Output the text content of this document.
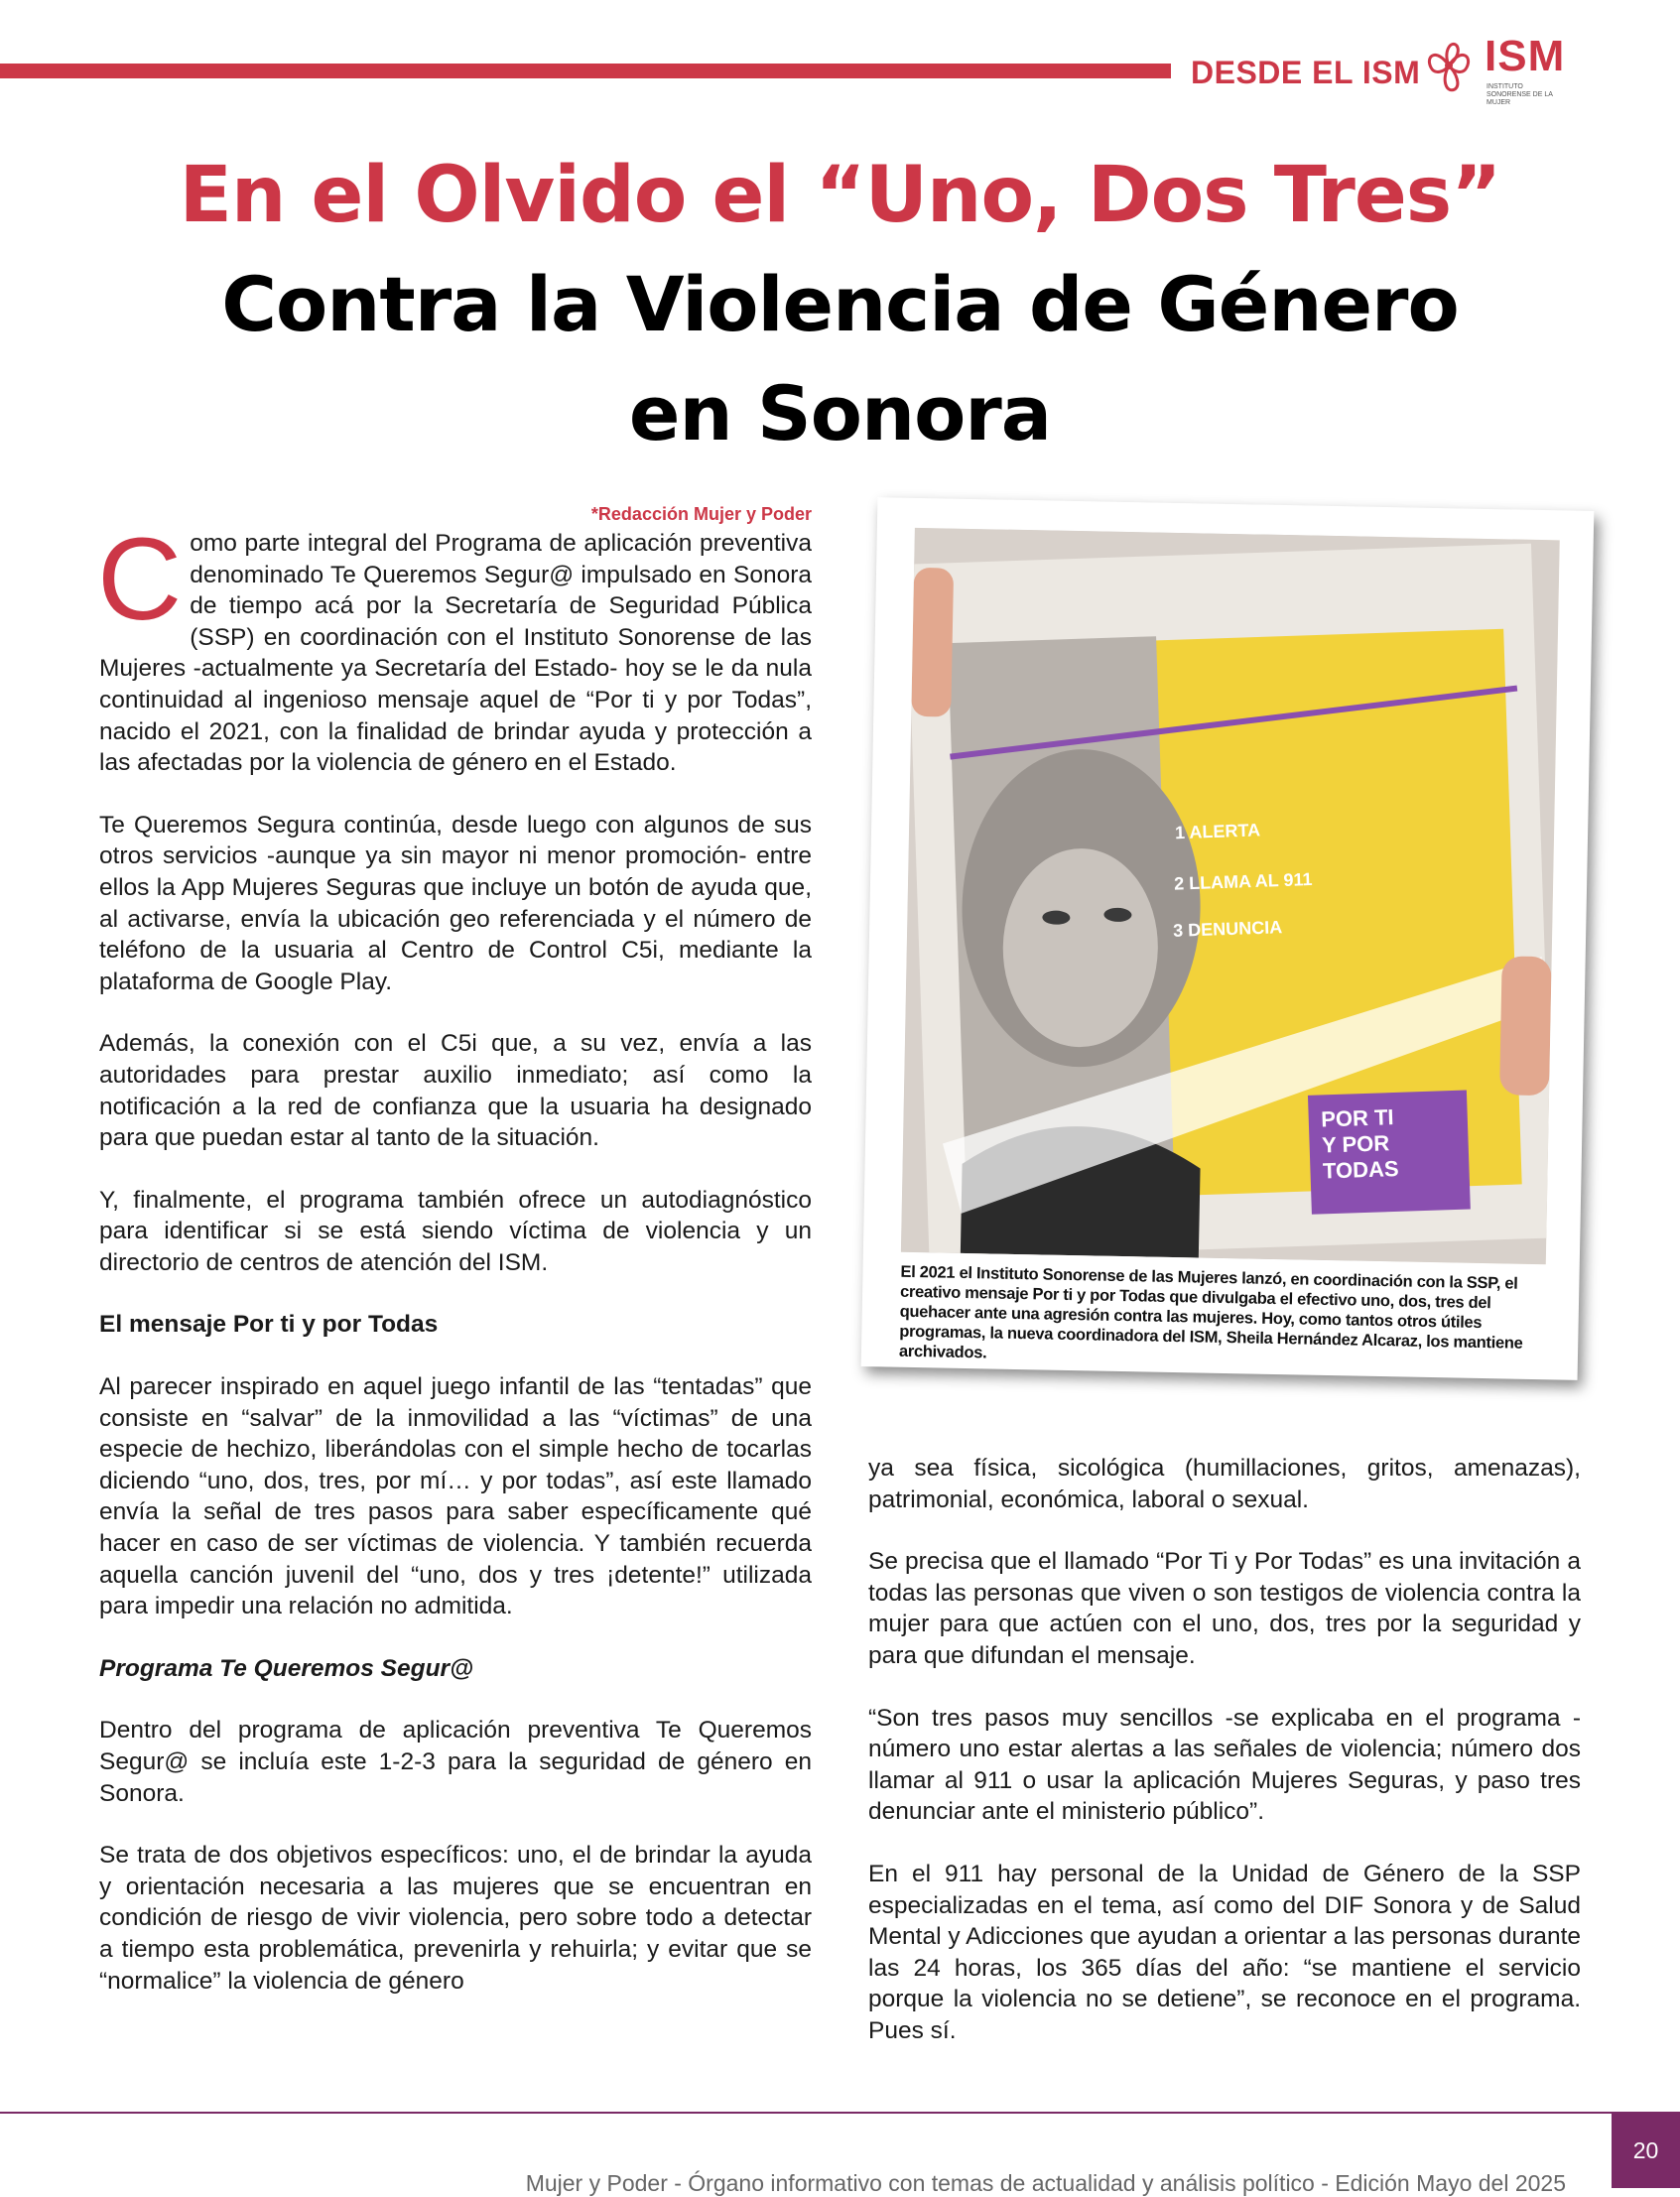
DESDE EL ISM ISM
INSTITUTO SONORENSE DE LA MUJER
En el Olvido el “Uno, Dos Tres”
Contra la Violencia de Género
en Sonora
*Redacción Mujer y Poder

Como parte integral del Programa de aplicación preventiva denominado Te Queremos Segur@ impulsado en Sonora de tiempo acá por la Secretaría de Seguridad Pública (SSP) en coordinación con el Instituto Sonorense de las Mujeres -actualmente ya Secretaría del Estado- hoy se le da nula continuidad al ingenioso mensaje aquel de “Por ti y por Todas”, nacido el 2021, con la finalidad de brindar ayuda y protección a las afectadas por la violencia de género en el Estado.

Te Queremos Segura continúa, desde luego con algunos de sus otros servicios -aunque ya sin mayor ni menor promoción- entre ellos la App Mujeres Seguras que incluye un botón de ayuda que, al activarse, envía la ubicación geo referenciada y el número de teléfono de la usuaria al Centro de Control C5i, mediante la plataforma de Google Play.

Además, la conexión con el C5i que, a su vez, envía a las autoridades para prestar auxilio inmediato; así como la notificación a la red de confianza que la usuaria ha designado para que puedan estar al tanto de la situación.

Y, finalmente, el programa también ofrece un autodiagnóstico para identificar si se está siendo víctima de violencia y un directorio de centros de atención del ISM.

El mensaje Por ti y por Todas

Al parecer inspirado en aquel juego infantil de las “tentadas” que consiste en “salvar” de la inmovilidad a las “víctimas” de una especie de hechizo, liberándolas con el simple hecho de tocarlas diciendo “uno, dos, tres, por mí… y por todas”, así este llamado envía la señal de tres pasos para saber específicamente qué hacer en caso de ser víctimas de violencia. Y también recuerda aquella canción juvenil del “uno, dos y tres ¡detente!” utilizada para impedir una relación no admitida.

Programa Te Queremos Segur@

Dentro del programa de aplicación preventiva Te Queremos Segur@ se incluía este 1-2-3 para la seguridad de género en Sonora.

Se trata de dos objetivos específicos: uno, el de brindar la ayuda y orientación necesaria a las mujeres que se encuentran en condición de riesgo de vivir violencia, pero sobre todo a detectar a tiempo esta problemática, prevenirla y rehuirla; y evitar que se “normalice” la violencia de género

1 ALERTA
2 LLAMA AL 911
3 DENUNCIA
POR TI
Y POR
TODAS
El 2021 el Instituto Sonorense de las Mujeres lanzó, en coordinación con la SSP, el creativo mensaje Por ti y por Todas que divulgaba el efectivo uno, dos, tres del quehacer ante una agresión contra las mujeres. Hoy, como tantos otros útiles programas, la nueva coordinadora del ISM, Sheila Hernández Alcaraz, los mantiene archivados.

ya sea física, sicológica (humillaciones, gritos, amenazas), patrimonial, económica, laboral o sexual.

Se precisa que el llamado “Por Ti y Por Todas” es una invitación a todas las personas que viven o son testigos de violencia contra la mujer para que actúen con el uno, dos, tres por la seguridad y para que difundan el mensaje.

“Son tres pasos muy sencillos -se explicaba en el programa - número uno estar alertas a las señales de violencia; número dos llamar al 911 o usar la aplicación Mujeres Seguras, y paso tres denunciar ante el ministerio público”.

En el 911 hay personal de la Unidad de Género de la SSP especializadas en el tema, así como del DIF Sonora y de Salud Mental y Adicciones que ayudan a orientar a las personas durante las 24 horas, los 365 días del año: “se mantiene el servicio porque la violencia no se detiene”, se reconoce en el programa. Pues sí.

Mujer y Poder - Órgano informativo con temas de actualidad y análisis político - Edición Mayo del 2025
20
